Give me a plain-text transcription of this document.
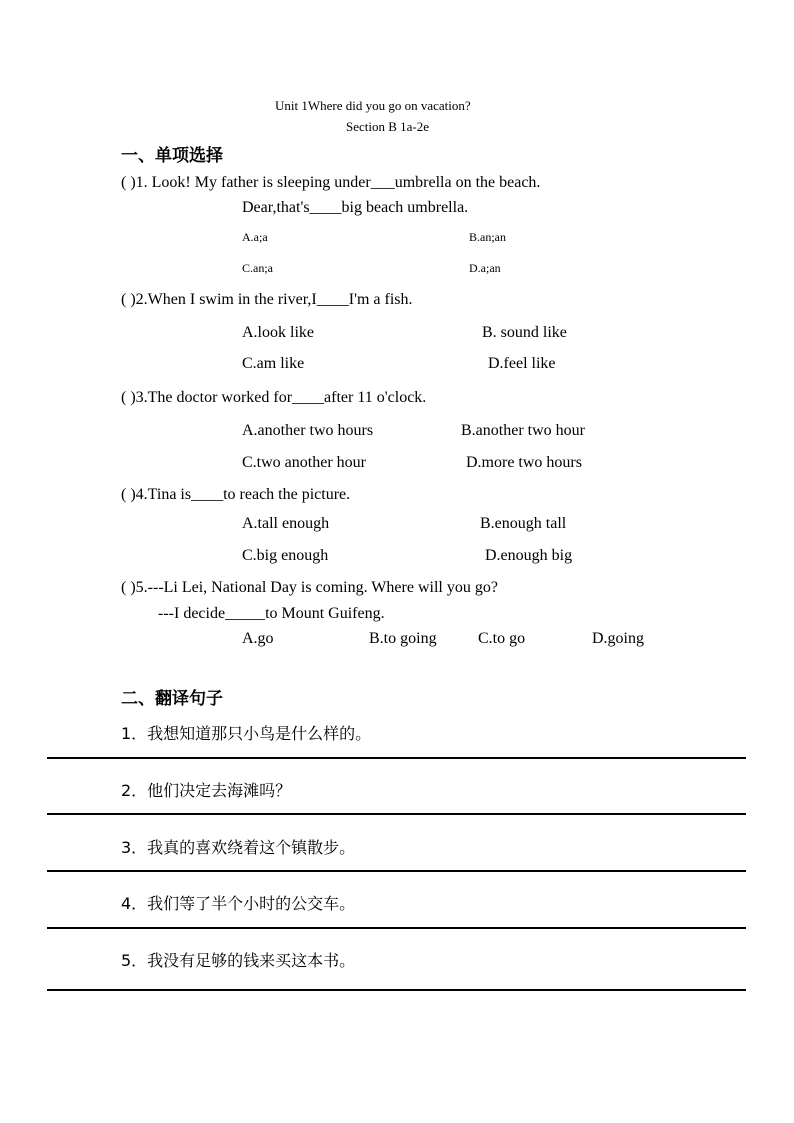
Unit 1Where did you go on vacation?
Section B 1a-2e
一、单项选择
( )1. Look! My father is sleeping under___umbrella on the beach.
Dear,that's____big beach umbrella.
A.a;a	B.an;an
C.an;a	D.a;an
( )2.When I swim in the river,I____I'm a fish.
A.look like	B. sound like
C.am like	D.feel like
( )3.The doctor worked for____after 11 o'clock.
A.another two hours	B.another two hour
C.two another hour	D.more two hours
( )4.Tina is____to reach the picture.
A.tall enough	B.enough tall
C.big enough	D.enough big
( )5.---Li Lei, National Day is coming. Where will you go?
---I decide_____to Mount Guifeng.
A.go	B.to going	C.to go	D.going
二、翻译句子
1．我想知道那只小鸟是什么样的。
2．他们决定去海滩吗？
3．我真的喜欢绕着这个镇散步。
4．我们等了半个小时的公交车。
5．我没有足够的钱来买这本书。
